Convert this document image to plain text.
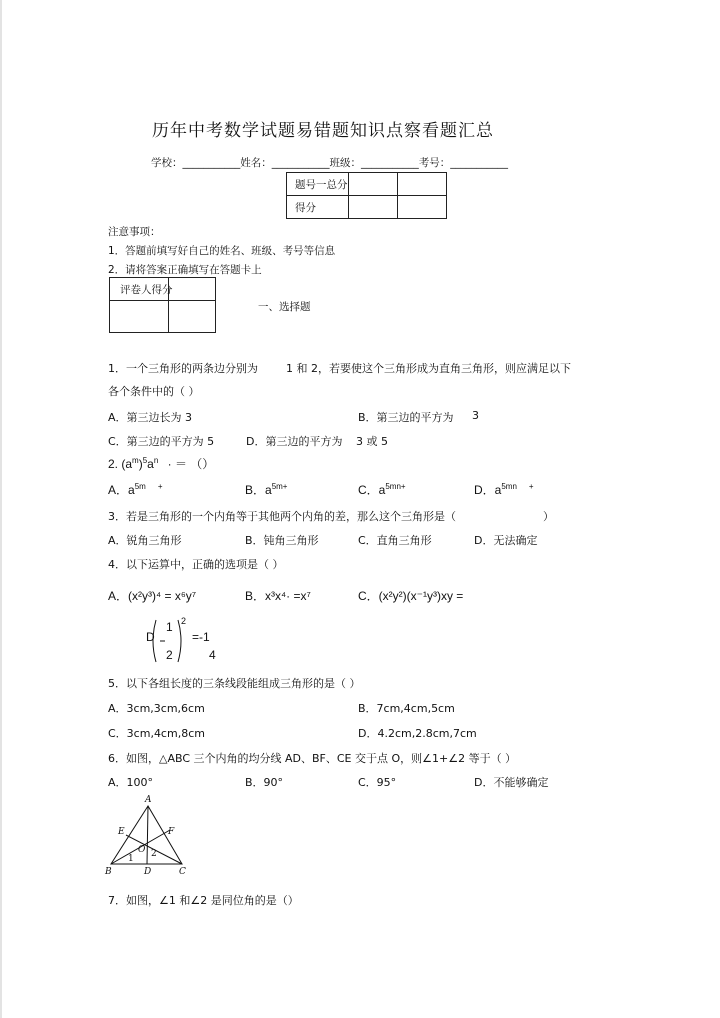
历年中考数学试题易错题知识点察看题汇总
学校：___________姓名：___________班级：___________考号：___________
题号一总分		
得分		
注意事项：
1．答题前填写好自己的姓名、班级、考号等信息
2．请将答案正确填写在答题卡上
评卷人得分
一、选择题
1．一个三角形的两条边分别为	1 和 2，若要使这个三角形成为直角三角形，则应满足以下
各个条件中的（ ）
A．第三边长为 3	B．第三边的平方为 3
C．第三边的平方为 5	D．第三边的平方为 3 或 5
2. $(a^m)^5a^n$ · ＝ （）
A．$a^{5m}$ +	B．$a^{5m+}$	C．$a^{5mn+}$	D．$a^{5mn}$ +
3．若是三角形的一个内角等于其他两个内角的差，那么这个三角形是（	）
A．锐角三角形	B．钝角三角形	C．直角三角形	D．无法确定
4．以下运算中，正确的选项是（ ）
A．(x²y³)⁴ = x⁶y⁷	B．x³x⁴· =x⁷	C．(x²y²)(x⁻¹y³)xy =
D
1
2
2
=-1
4
5．以下各组长度的三条线段能组成三角形的是（ ）
A．3cm,3cm,6cm	B．7cm,4cm,5cm
C．3cm,4cm,8cm	D．4.2cm,2.8cm,7cm
6．如图，△ABC 三个内角的均分线 AD、BF、CE 交于点 O，则∠1+∠2 等于（ ）
A．100°	B．90°	C．95°	D．不能够确定
A
B	C
D
E	F
O
1 2
7．如图，∠1 和∠2 是同位角的是（）
